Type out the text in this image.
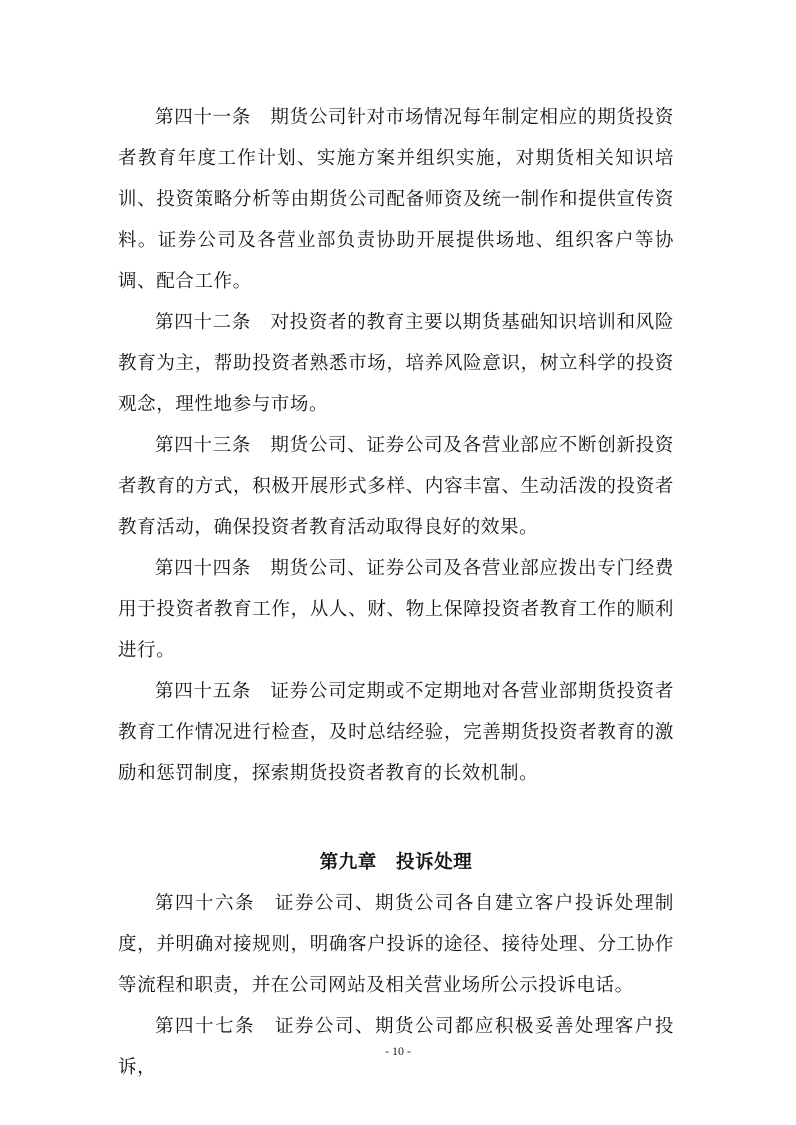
第四十一条　期货公司针对市场情况每年制定相应的期货投资者教育年度工作计划、实施方案并组织实施，对期货相关知识培训、投资策略分析等由期货公司配备师资及统一制作和提供宣传资料。证券公司及各营业部负责协助开展提供场地、组织客户等协调、配合工作。

第四十二条　对投资者的教育主要以期货基础知识培训和风险教育为主，帮助投资者熟悉市场，培养风险意识，树立科学的投资观念，理性地参与市场。

第四十三条　期货公司、证券公司及各营业部应不断创新投资者教育的方式，积极开展形式多样、内容丰富、生动活泼的投资者教育活动，确保投资者教育活动取得良好的效果。

第四十四条　期货公司、证券公司及各营业部应拨出专门经费用于投资者教育工作，从人、财、物上保障投资者教育工作的顺利进行。

第四十五条　证券公司定期或不定期地对各营业部期货投资者教育工作情况进行检查，及时总结经验，完善期货投资者教育的激励和惩罚制度，探索期货投资者教育的长效机制。

第九章　投诉处理

第四十六条　证券公司、期货公司各自建立客户投诉处理制度，并明确对接规则，明确客户投诉的途径、接待处理、分工协作等流程和职责，并在公司网站及相关营业场所公示投诉电话。

第四十七条　证券公司、期货公司都应积极妥善处理客户投诉，

- 10 -
